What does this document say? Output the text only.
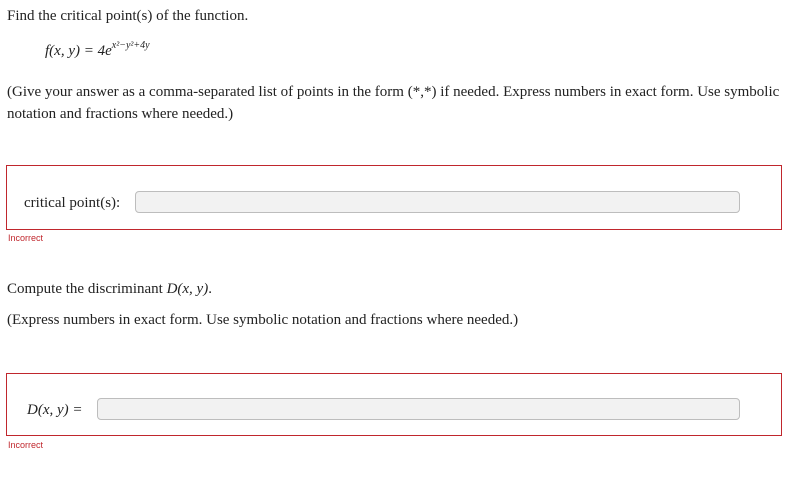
Find the critical point(s) of the function.
f(x, $y) = 4e^{x^2-y^2+4y}$
(Give your answer as a comma-separated list of points in the form (*,*) if needed. Express numbers in exact form. Use symbolic notation and fractions where needed.)
critical point(s):
Incorrect
Compute the discriminant D(x, y).
(Express numbers in exact form. Use symbolic notation and fractions where needed.)
D(x, y) =
Incorrect
